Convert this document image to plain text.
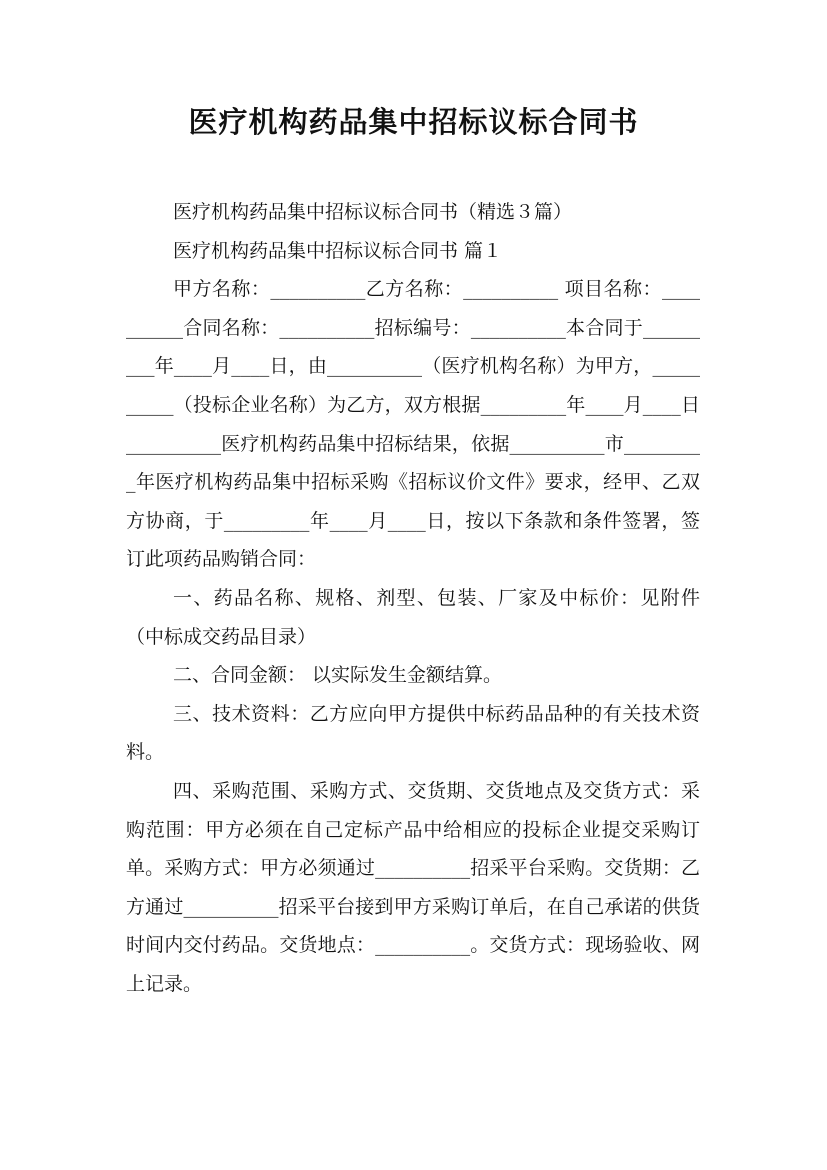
医疗机构药品集中招标议标合同书

医疗机构药品集中招标议标合同书（精选３篇）

医疗机构药品集中招标议标合同书 篇１

甲方名称：__________乙方名称：__________ 项目名称：__________合同名称：__________招标编号：__________本合同于_________年____月____日，由__________（医疗机构名称）为甲方，__________（投标企业名称）为乙方，双方根据_________年____月____日__________医疗机构药品集中招标结果，依据__________市_________年医疗机构药品集中招标采购《招标议价文件》要求，经甲、乙双方协商，于_________年____月____日，按以下条款和条件签署，签订此项药品购销合同：

一、药品名称、规格、剂型、包装、厂家及中标价：见附件（中标成交药品目录）

二、合同金额： 以实际发生金额结算。

三、技术资料：乙方应向甲方提供中标药品品种的有关技术资料。

四、采购范围、采购方式、交货期、交货地点及交货方式：采购范围：甲方必须在自己定标产品中给相应的投标企业提交采购订单。采购方式：甲方必须通过__________招采平台采购。交货期：乙方通过__________招采平台接到甲方采购订单后，在自己承诺的供货时间内交付药品。交货地点：__________。交货方式：现场验收、网上记录。
